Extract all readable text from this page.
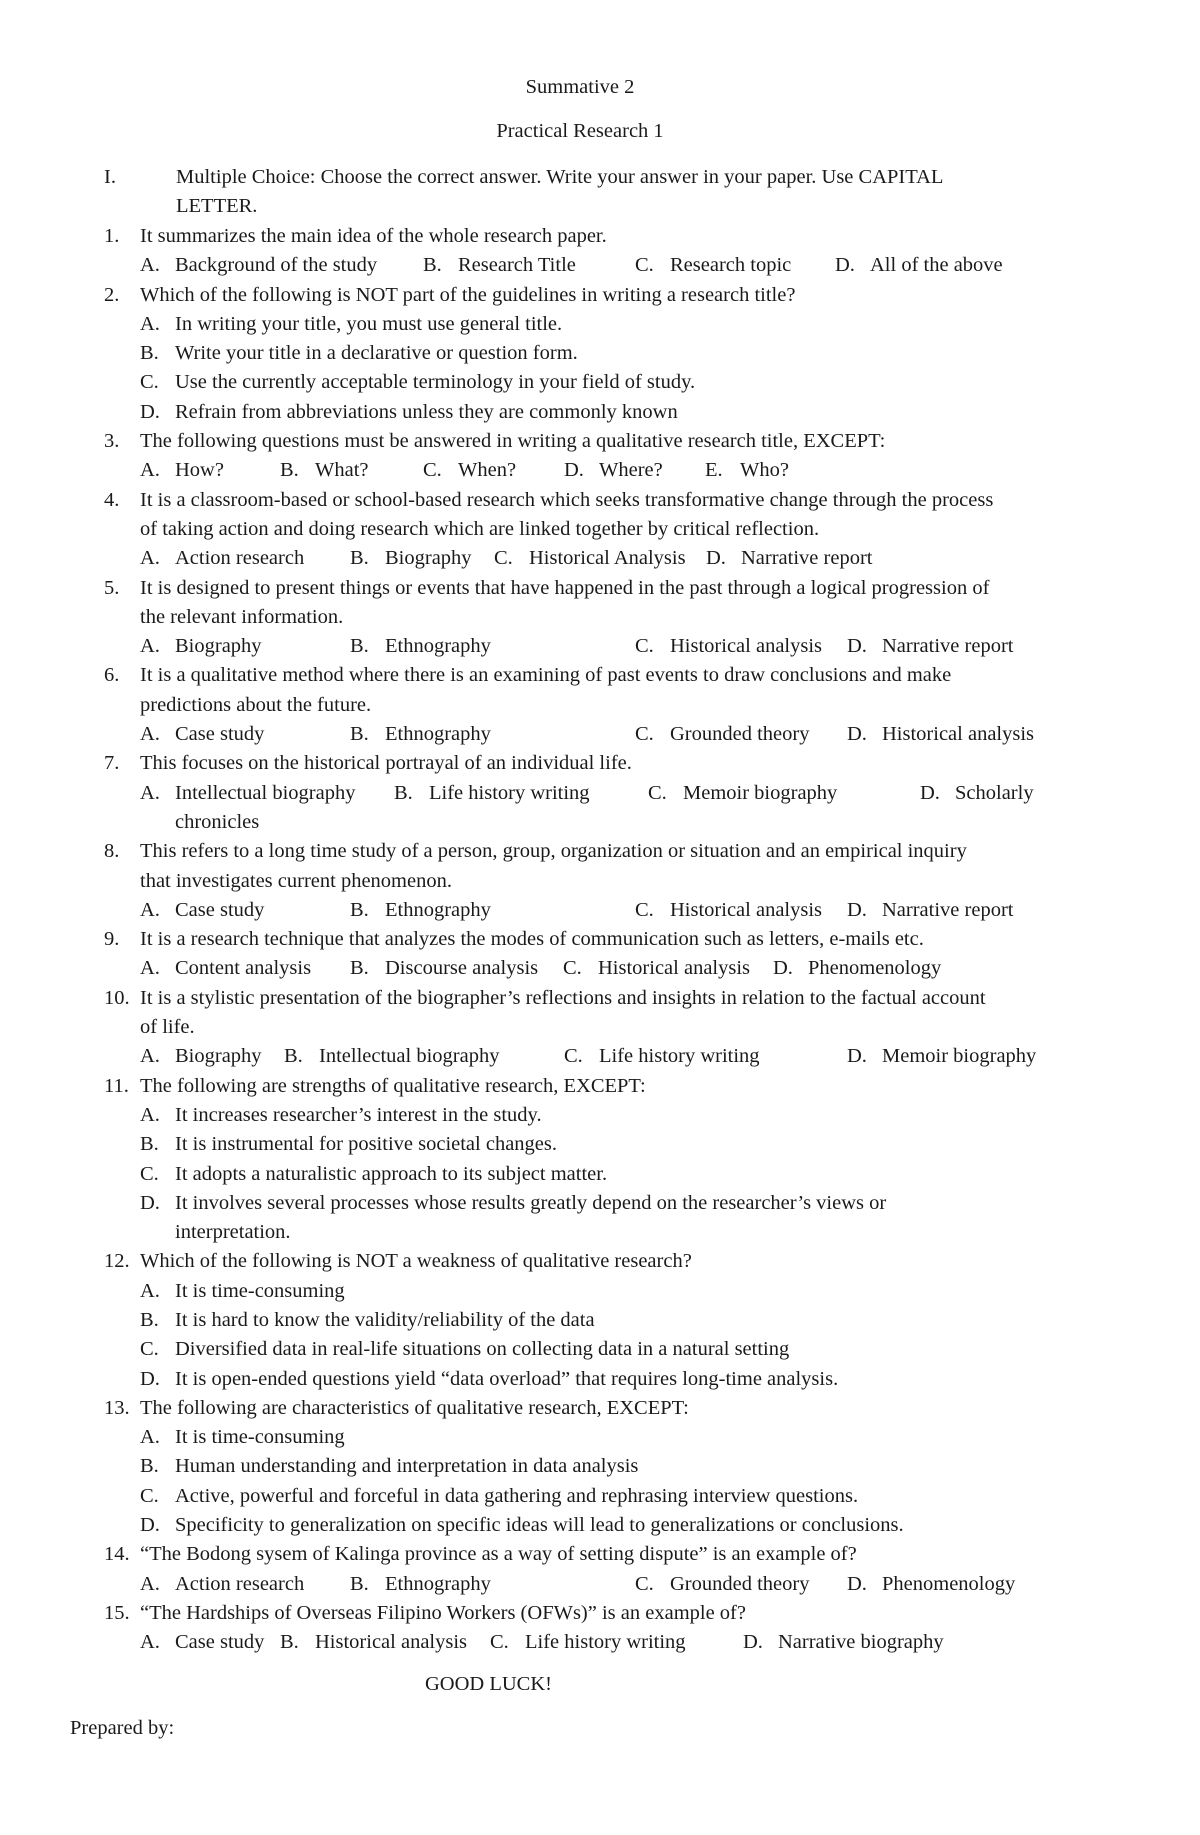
Summative 2
Practical Research 1
I.	Multiple Choice: Choose the correct answer. Write your answer in your paper. Use CAPITAL
LETTER.
1.	It summarizes the main idea of the whole research paper.
A. Background of the study B. Research Title	C. Research topic D. All of the above
2.	Which of the following is NOT part of the guidelines in writing a research title?
A. In writing your title, you must use general title.
B. Write your title in a declarative or question form.
C. Use the currently acceptable terminology in your field of study.
D. Refrain from abbreviations unless they are commonly known
3.	The following questions must be answered in writing a qualitative research title, EXCEPT:
A. How?	B. What?	C. When? D. Where? E. Who?
4.	It is a classroom-based or school-based research which seeks transformative change through the process
of taking action and doing research which are linked together by critical reflection.
A. Action research B. Biography C. Historical Analysis D. Narrative report
5.	It is designed to present things or events that have happened in the past through a logical progression of
the relevant information.
A. Biography	B. Ethnography	C. Historical analysis D. Narrative report
6.	It is a qualitative method where there is an examining of past events to draw conclusions and make
predictions about the future.
A. Case study	B. Ethnography	C. Grounded theory D. Historical analysis
7.	This focuses on the historical portrayal of an individual life.
A. Intellectual biography B. Life history writing	C. Memoir biography	D. Scholarly
chronicles
8.	This refers to a long time study of a person, group, organization or situation and an empirical inquiry
that investigates current phenomenon.
A. Case study	B. Ethnography	C. Historical analysis D. Narrative report
9.	It is a research technique that analyzes the modes of communication such as letters, e-mails etc.
A. Content analysis B. Discourse analysis C. Historical analysis D. Phenomenology
10. It is a stylistic presentation of the biographer’s reflections and insights in relation to the factual account
of life.
A. Biography B. Intellectual biography	C. Life history writing	D. Memoir biography
11. The following are strengths of qualitative research, EXCEPT:
A. It increases researcher’s interest in the study.
B. It is instrumental for positive societal changes.
C. It adopts a naturalistic approach to its subject matter.
D. It involves several processes whose results greatly depend on the researcher’s views or interpretation.
12. Which of the following is NOT a weakness of qualitative research?
A. It is time-consuming
B. It is hard to know the validity/reliability of the data
C. Diversified data in real-life situations on collecting data in a natural setting
D. It is open-ended questions yield “data overload” that requires long-time analysis.
13. The following are characteristics of qualitative research, EXCEPT:
A. It is time-consuming
B. Human understanding and interpretation in data analysis
C. Active, powerful and forceful in data gathering and rephrasing interview questions.
D. Specificity to generalization on specific ideas will lead to generalizations or conclusions.
14. “The Bodong sysem of Kalinga province as a way of setting dispute” is an example of?
A. Action research B. Ethnography	C. Grounded theory D. Phenomenology
15. “The Hardships of Overseas Filipino Workers (OFWs)” is an example of?
A. Case study B. Historical analysis C. Life history writing	D. Narrative biography
GOOD LUCK!
Prepared by:
